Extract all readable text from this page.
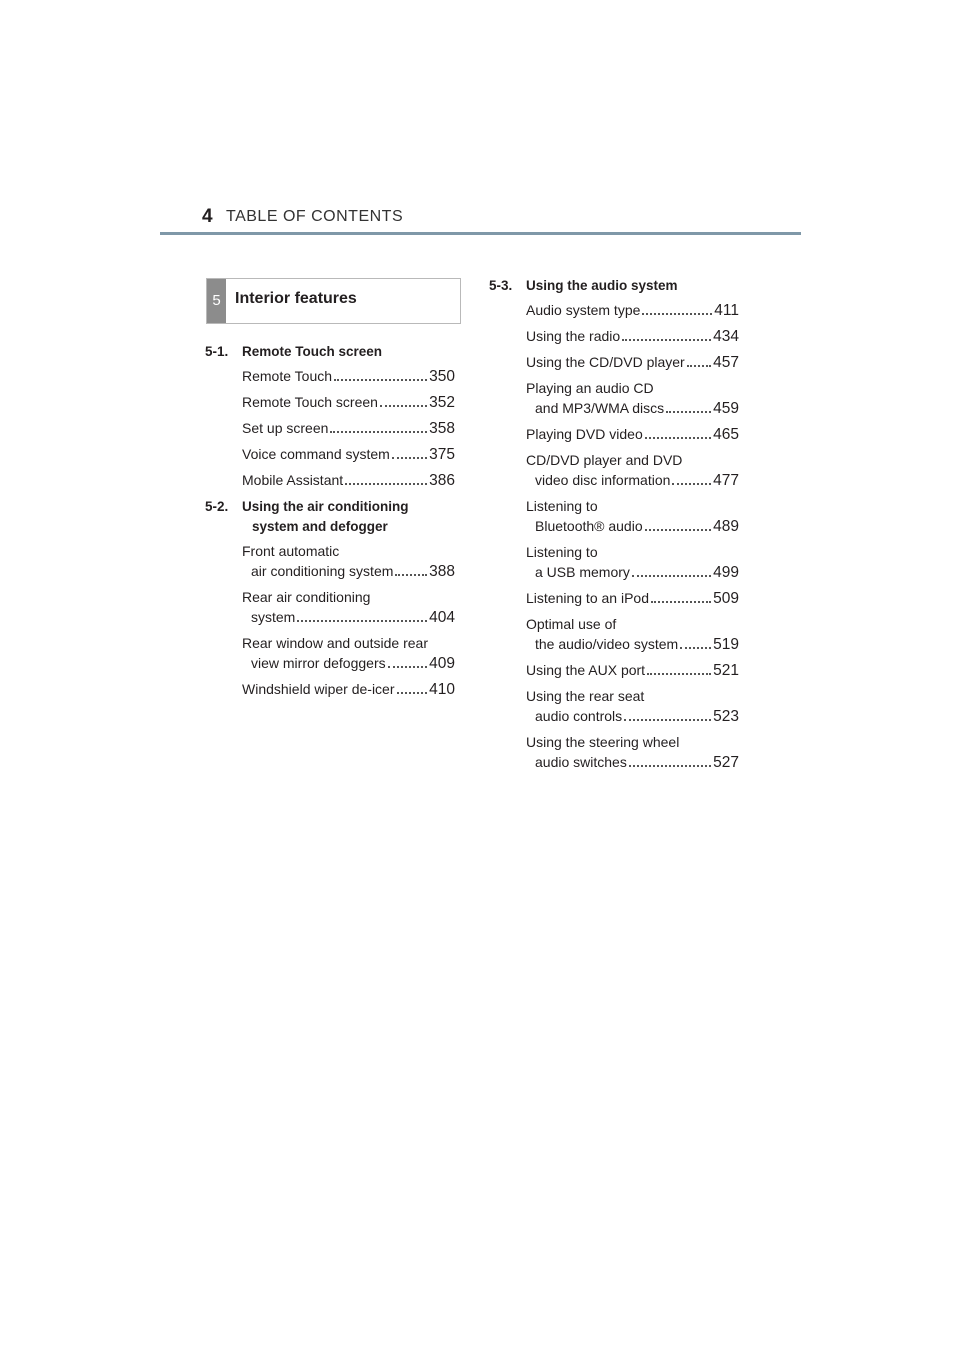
4 TABLE OF CONTENTS
5 Interior features
5-1.	Remote Touch screen
Remote Touch	350
Remote Touch screen	352
Set up screen	358
Voice command system	375
Mobile Assistant	386
5-2.	Using the air conditioning
system and defogger
Front automatic
air conditioning system 388
Rear air conditioning
system	404
Rear window and outside rear
view mirror defoggers	409
Windshield wiper de-icer 410
5-3.	Using the audio system
Audio system type	411
Using the radio	434
Using the CD/DVD player 457
Playing an audio CD
and MP3/WMA discs	459
Playing DVD video	465
CD/DVD player and DVD
video disc information	477
Listening to
Bluetooth® audio	489
Listening to
a USB memory	499
Listening to an iPod	509
Optimal use of
the audio/video system 519
Using the AUX port	521
Using the rear seat
audio controls	523
Using the steering wheel
audio switches	527
